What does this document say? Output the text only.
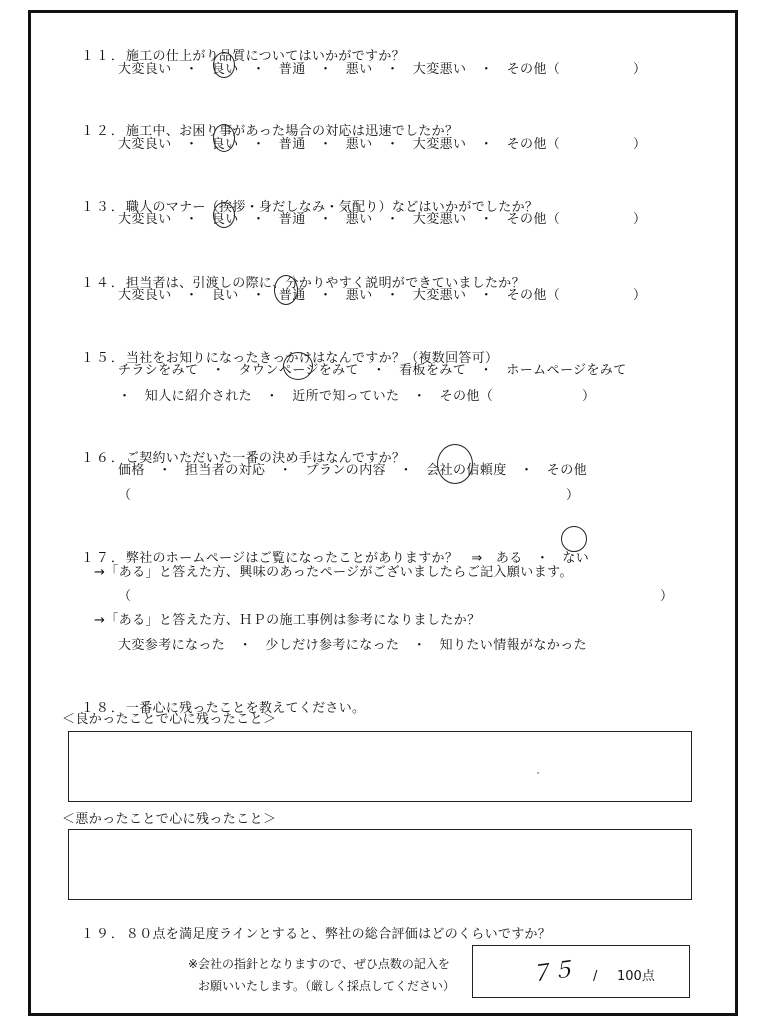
１１．施工の仕上がり品質についてはいかがですか？

大変良い　・　良い　・　普通　・　悪い　・　大変悪い　・　その他（	）

１２．施工中、お困り事があった場合の対応は迅速でしたか？

大変良い　・　良い　・　普通　・　悪い　・　大変悪い　・　その他（	）

１３．職人のマナー（挨拶・身だしなみ・気配り）などはいかがでしたか？

大変良い　・　良い　・　普通　・　悪い　・　大変悪い　・　その他（	）

１４．担当者は、引渡しの際に、分かりやすく説明ができていましたか？

大変良い　・　良い　・　普通　・　悪い　・　大変悪い　・　その他（	）

１５．当社をお知りになったきっかけはなんですか？（複数回答可）

チラシをみて　・　タウンページをみて　・　看板をみて　・　ホームページをみて
・　知人に紹介された　・　近所で知っていた　・　その他（	）

１６．ご契約いただいた一番の決め手はなんですか？

価格　・　担当者の対応　・　プランの内容　・　会社の信頼度　・　その他
（	）

１７．弊社のホームページはご覧になったことがありますか？　⇒　ある　・　ない

→「ある」と答えた方、興味のあったページがございましたらご記入願います。
（	）
→「ある」と答えた方、ＨＰの施工事例は参考になりましたか？
大変参考になった　・　少しだけ参考になった　・　知りたい情報がなかった

１８．一番心に残ったことを教えてください。

＜良かったことで心に残ったこと＞
＜悪かったことで心に残ったこと＞

１９．８０点を満足度ラインとすると、弊社の総合評価はどのくらいですか？

※会社の指針となりますので、ぜひ点数の記入を
お願いいたします。（厳しく採点してください）	７５ / 100点
